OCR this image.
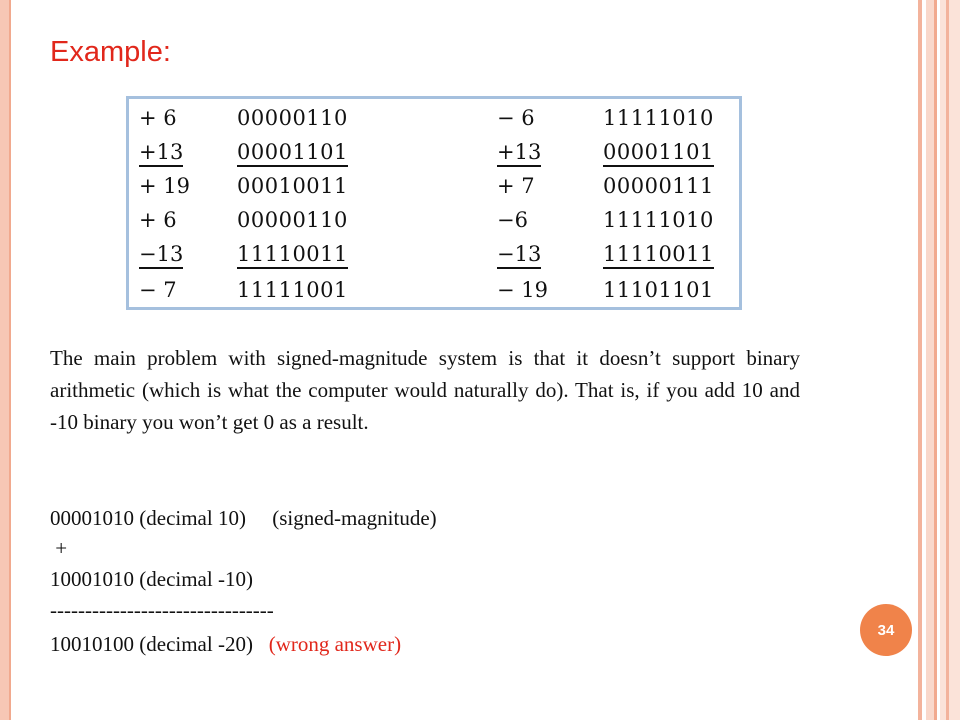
Example:
+ 6	00000110	− 6	11111010
+13	00001101	+13	00001101
+ 19 00010011	+ 7	00000111
+ 6	00000110	−6	11111010
−13	11110011	−13	11110011
− 7	11111001	− 19	11101101

The main problem with signed-magnitude system is that it doesn’t support binary arithmetic (which is what the computer would naturally do). That is, if you add 10 and -10 binary you won’t get 0 as a result.

00001010 (decimal 10)     (signed-magnitude)

+

10001010 (decimal -10)

--------------------------------

10010100 (decimal -20)   (wrong answer)

34
